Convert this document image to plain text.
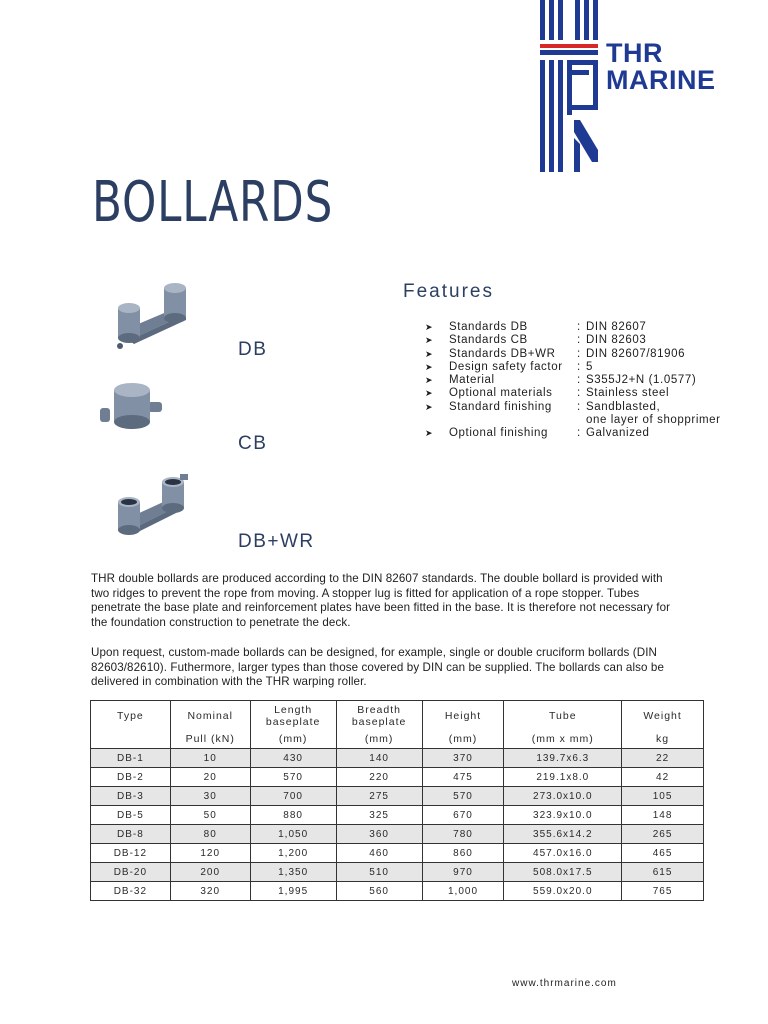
THR
MARINE
BOLLARDS
DB
CB
DB+WR
Features
➤	Standards DB	: DIN 82607
➤	Standards CB	: DIN 82603
➤	Standards DB+WR	: DIN 82607/81906
➤	Design safety factor	: 5
➤	Material	: S355J2+N (1.0577)
➤	Optional materials	: Stainless steel
➤	Standard finishing	: Sandblasted,
one layer of shopprimer
➤	Optional finishing	: Galvanized
THR double bollards are produced according to the DIN 82607 standards. The double bollard is provided with two ridges to prevent the rope from moving. A stopper lug is fitted for application of a rope stopper. Tubes penetrate the base plate and reinforcement plates have been fitted in the base. It is therefore not necessary for the foundation construction to penetrate the deck.
Upon request, custom-made bollards can be designed, for example, single or double cruciform bollards (DIN 82603/82610). Futhermore, larger types than those covered by DIN can be supplied. The bollards can also be delivered in combination with the THR warping roller.
Type	Nominal	Length baseplate	Breadth baseplate	Height	Tube	Weight
	Pull (kN)	(mm)	(mm)	(mm)	(mm x mm)	kg
DB-1	10	430	140	370	139.7x6.3	22
DB-2	20	570	220	475	219.1x8.0	42
DB-3	30	700	275	570	273.0x10.0	105
DB-5	50	880	325	670	323.9x10.0	148
DB-8	80	1,050	360	780	355.6x14.2	265
DB-12	120	1,200	460	860	457.0x16.0	465
DB-20	200	1,350	510	970	508.0x17.5	615
DB-32	320	1,995	560	1,000	559.0x20.0	765
www.thrmarine.com
